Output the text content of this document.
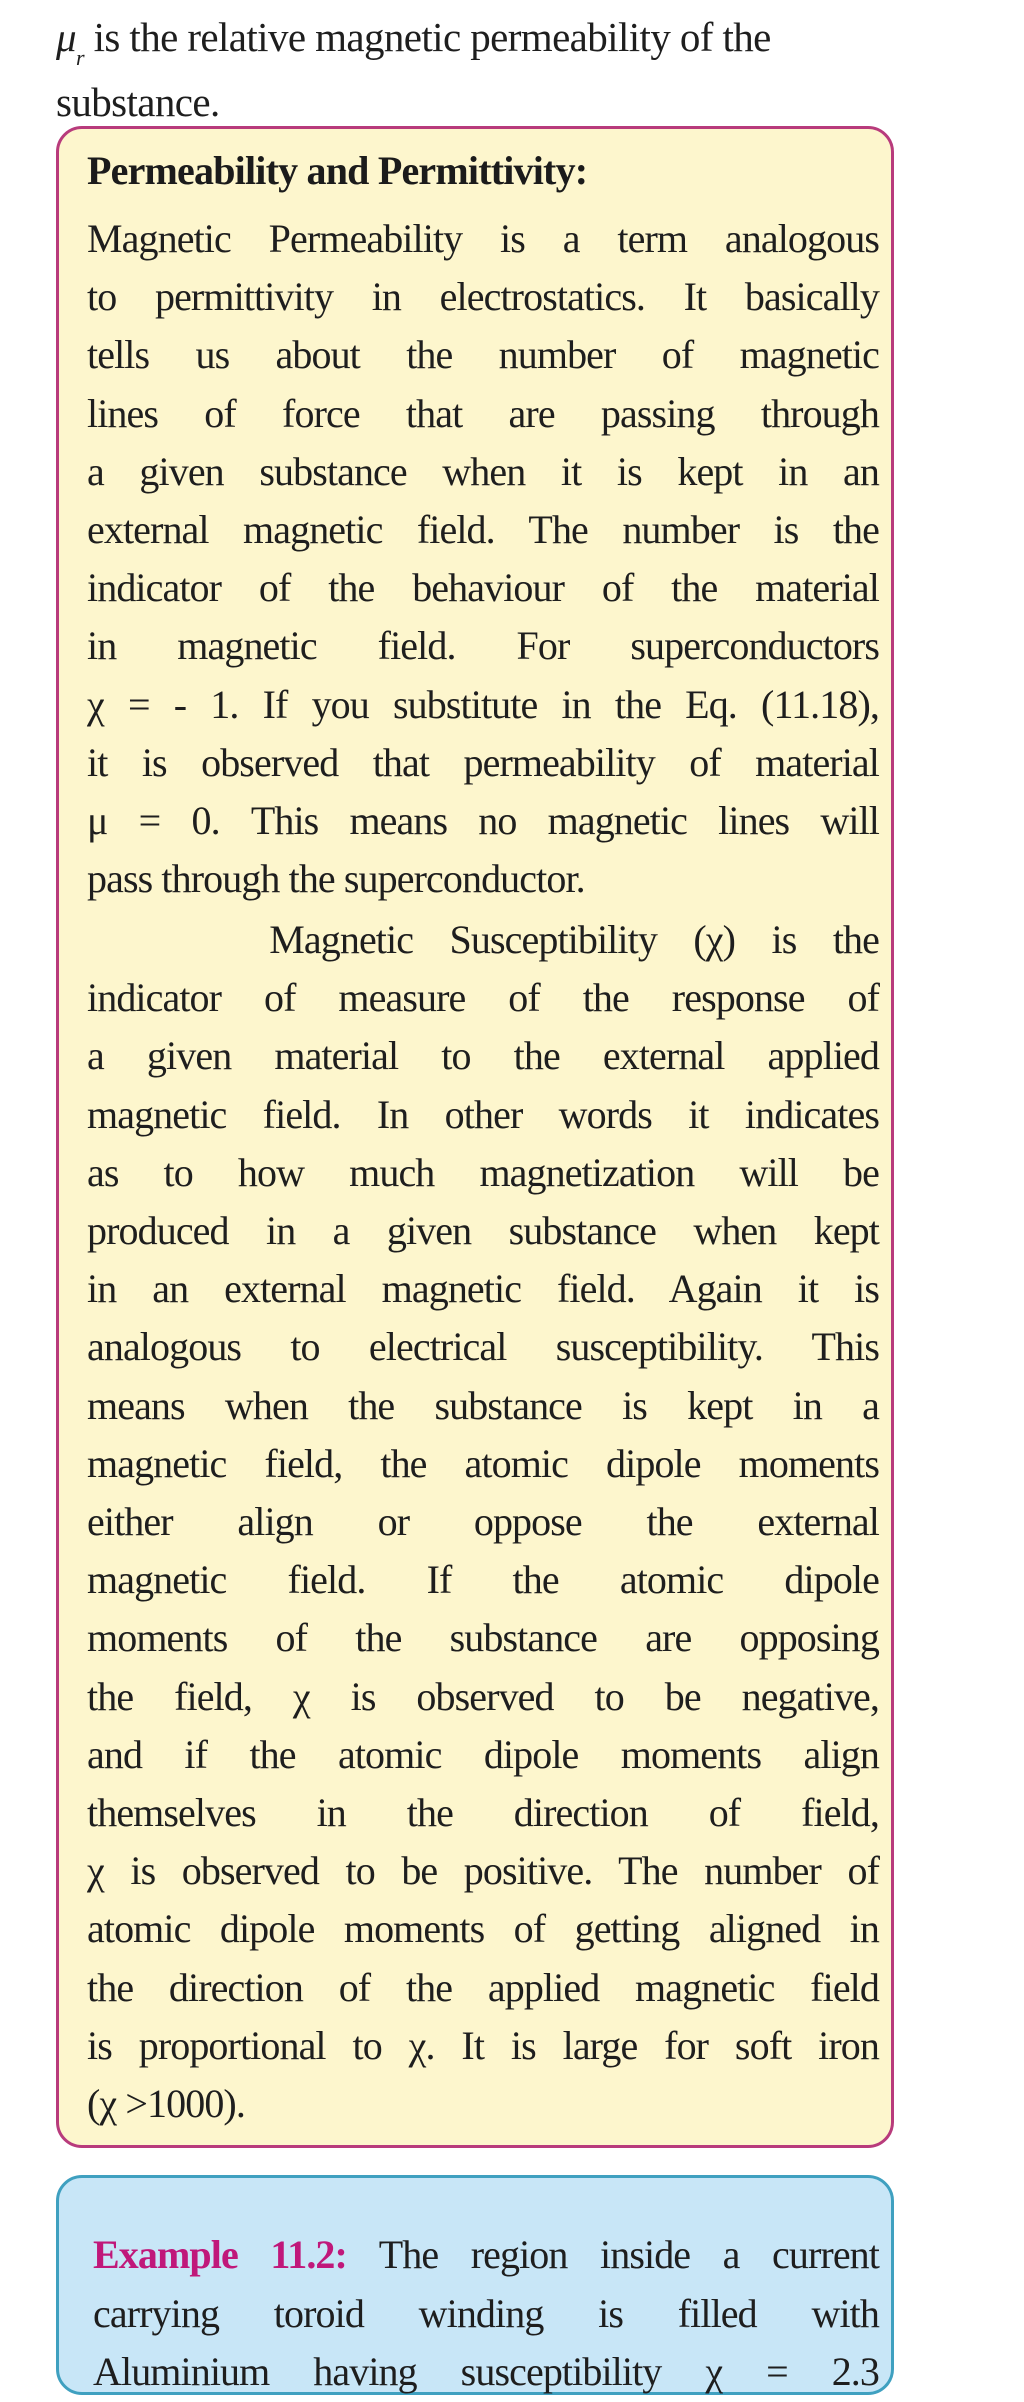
$\mu_r$ is the relative magnetic permeability of the
substance.
Permeability and Permittivity:
Magnetic Permeability is a term analogous
to permittivity in electrostatics. It basically
tells us about the number of magnetic
lines of force that are passing through
a given substance when it is kept in an
external magnetic field. The number is the
indicator of the behaviour of the material
in magnetic field. For superconductors
χ = - 1. If you substitute in the Eq. (11.18),
it is observed that permeability of material
μ = 0. This means no magnetic lines will
pass through the superconductor.
Magnetic Susceptibility (χ) is the
indicator of measure of the response of
a given material to the external applied
magnetic field. In other words it indicates
as to how much magnetization will be
produced in a given substance when kept
in an external magnetic field. Again it is
analogous to electrical susceptibility. This
means when the substance is kept in a
magnetic field, the atomic dipole moments
either align or oppose the external
magnetic field. If the atomic dipole
moments of the substance are opposing
the field, χ is observed to be negative,
and if the atomic dipole moments align
themselves in the direction of field,
χ is observed to be positive. The number of
atomic dipole moments of getting aligned in
the direction of the applied magnetic field
is proportional to χ. It is large for soft iron
(χ >1000).
Example 11.2: The region inside a current
carrying toroid winding is filled with
Aluminium having susceptibility χ = 2.3
